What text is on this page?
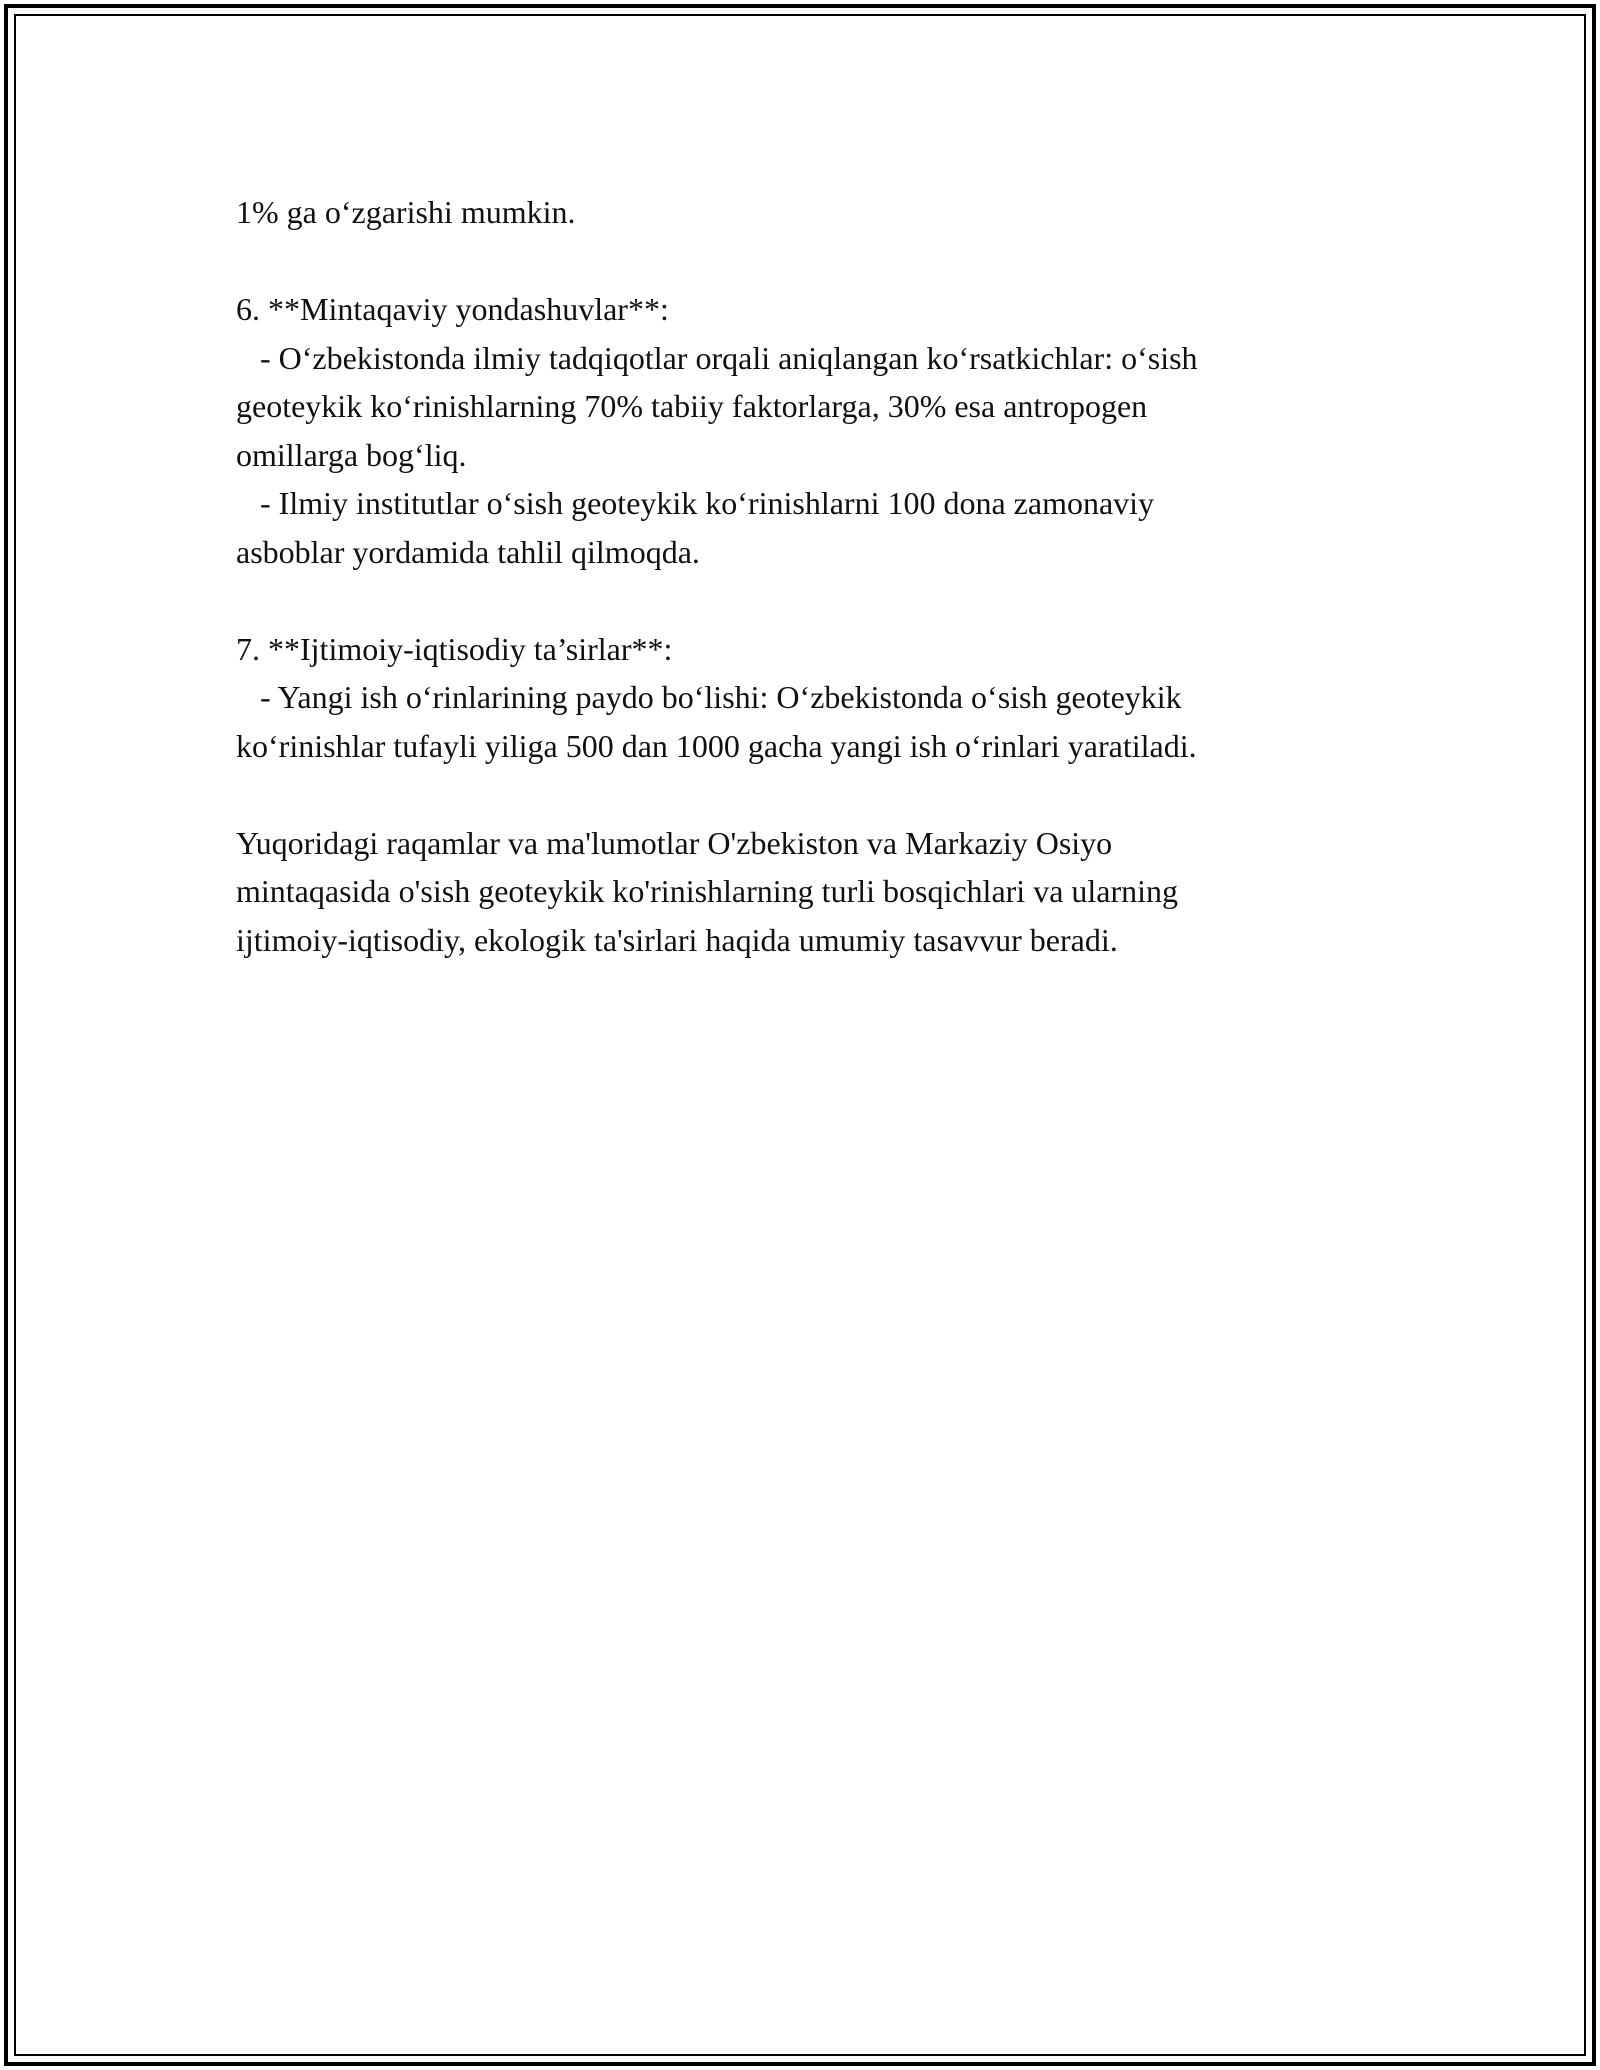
1% ga o‘zgarishi mumkin.
6. **Mintaqaviy yondashuvlar**:
- O‘zbekistonda ilmiy tadqiqotlar orqali aniqlangan ko‘rsatkichlar: o‘sish
geoteykik ko‘rinishlarning 70% tabiiy faktorlarga, 30% esa antropogen
omillarga bog‘liq.
- Ilmiy institutlar o‘sish geoteykik ko‘rinishlarni 100 dona zamonaviy
asboblar yordamida tahlil qilmoqda.
7. **Ijtimoiy-iqtisodiy ta’sirlar**:
- Yangi ish o‘rinlarining paydo bo‘lishi: O‘zbekistonda o‘sish geoteykik
ko‘rinishlar tufayli yiliga 500 dan 1000 gacha yangi ish o‘rinlari yaratiladi.
Yuqoridagi raqamlar va ma'lumotlar O'zbekiston va Markaziy Osiyo
mintaqasida o'sish geoteykik ko'rinishlarning turli bosqichlari va ularning
ijtimoiy-iqtisodiy, ekologik ta'sirlari haqida umumiy tasavvur beradi.
